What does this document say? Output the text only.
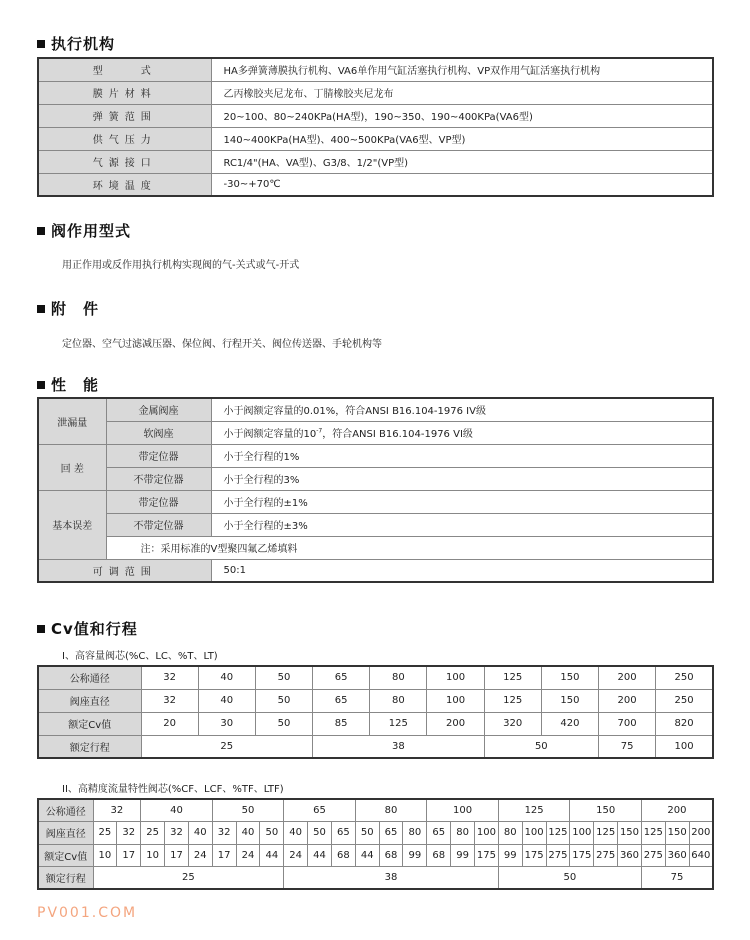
执行机构
型　　式	HA多弹簧薄膜执行机构、VA6单作用气缸活塞执行机构、VP双作用气缸活塞执行机构
膜片材料	乙丙橡胶夹尼龙布、丁腈橡胶夹尼龙布
弹簧范围	20~100、80~240KPa(HA型)，190~350、190~400KPa(VA6型)
供气压力	140~400KPa(HA型)、400~500KPa(VA6型、VP型)
气源接口	RC1/4"(HA、VA型)、G3/8、1/2"(VP型)
环境温度	-30~+70℃
阀作用型式
用正作用或反作用执行机构实现阀的气-关式或气-开式
附　件
定位器、空气过滤减压器、保位阀、行程开关、阀位传送器、手轮机构等
性　能
泄漏量	金属阀座	小于阀额定容量的0.01%，符合ANSI B16.104-1976 IV级
	软阀座	小于阀额定容量的$10^{-7}$，符合ANSI B16.104-1976 VI级
回 差	带定位器	小于全行程的1%
	不带定位器	小于全行程的3%
基本误差	带定位器	小于全行程的±1%
	不带定位器	小于全行程的±3%
	注：采用标准的V型聚四氟乙烯填料	
可调范围		50:1
Cv值和行程
I、高容量阀芯(%C、LC、%T、LT)
公称通径	32	40	50	65	80	100	125	150	200	250
阀座直径	32	40	50	65	80	100	125	150	200	250
额定Cv值	20	30	50	85	125	200	320	420	700	820
额定行程	25			38			50		75	100
II、高精度流量特性阀芯(%CF、LCF、%TF、LTF)
公称通径	32		40			50			65			80			100			125			150			200		
阀座直径	25	32	25	32	40	32	40	50	40	50	65	50	65	80	65	80	100	80	100	125	100	125	150	125	150	200
额定Cv值	10	17	10	17	24	17	24	44	24	44	68	44	68	99	68	99	175	99	175	275	175	275	360	275	360	640
额定行程	25								38									50						75		
PV001.COM
